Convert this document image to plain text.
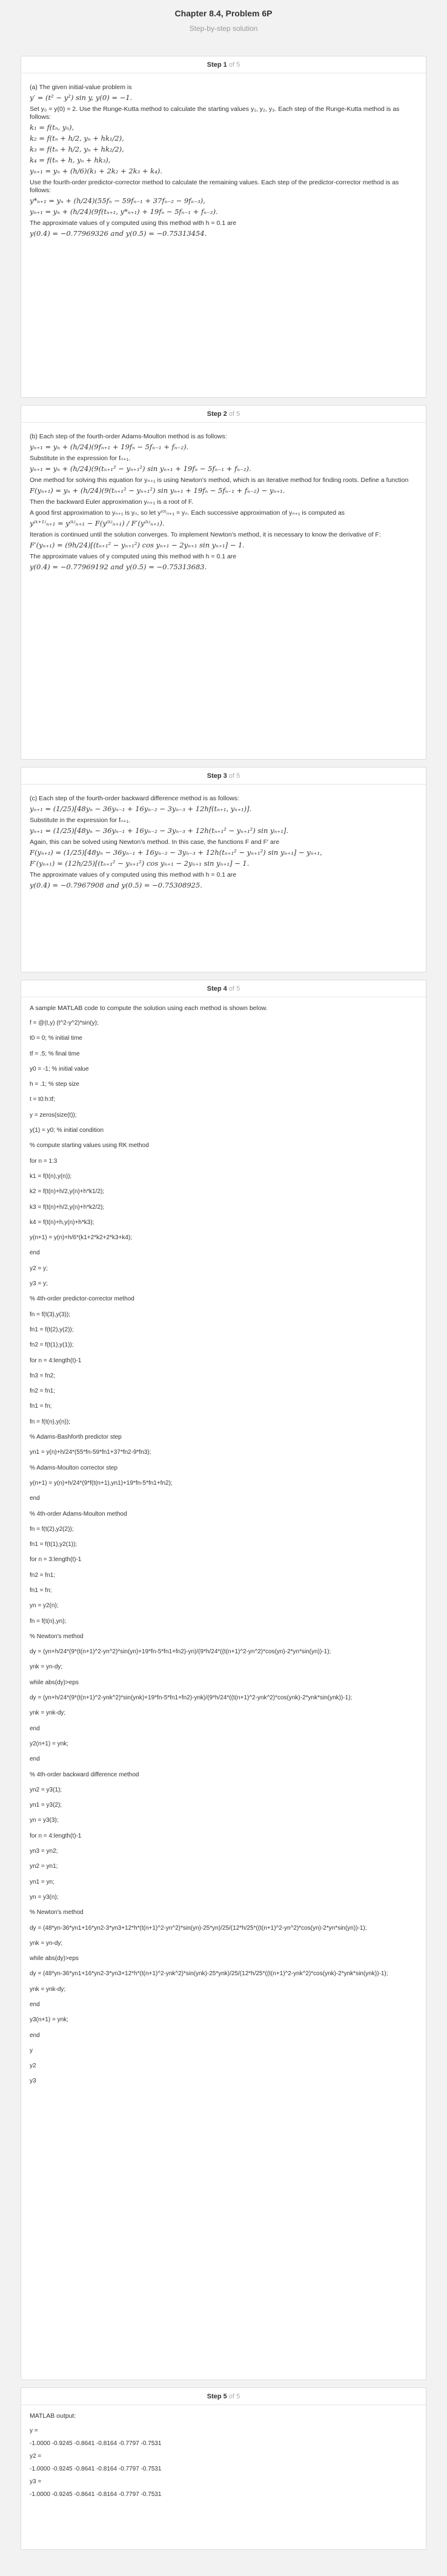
Chapter 8.4, Problem 6P
Step-by-step solution
Step 1 of 5
(a) The given initial-value problem is
y′ = (t² − y²) sin y, y(0) = −1.
Set y₀ = y(0) = 2. Use the Runge-Kutta method to calculate the starting values y₁, y₂, y₃. Each step of the Runge-Kutta method is as follows:
k₁ = f(tₙ, yₙ),
k₂ = f(tₙ + h/2, yₙ + hk₁/2),
k₃ = f(tₙ + h/2, yₙ + hk₂/2),
k₄ = f(tₙ + h, yₙ + hk₃),
yₙ₊₁ = yₙ + (h/6)(k₁ + 2k₂ + 2k₃ + k₄).
Use the fourth-order predictor-corrector method to calculate the remaining values. Each step of the predictor-corrector method is as follows:
y*ₙ₊₁ = yₙ + (h/24)(55fₙ − 59fₙ₋₁ + 37fₙ₋₂ − 9fₙ₋₃),
yₙ₊₁ = yₙ + (h/24)(9f(tₙ₊₁, y*ₙ₊₁) + 19fₙ − 5fₙ₋₁ + fₙ₋₂).
The approximate values of y computed using this method with h = 0.1 are
y(0.4) = −0.77969326 and y(0.5) = −0.75313454.
Step 2 of 5
(b) Each step of the fourth-order Adams-Moulton method is as follows:
yₙ₊₁ = yₙ + (h/24)(9fₙ₊₁ + 19fₙ − 5fₙ₋₁ + fₙ₋₂).
Substitute in the expression for fₙ₊₁.
yₙ₊₁ = yₙ + (h/24)(9(tₙ₊₁² − yₙ₊₁²) sin yₙ₊₁ + 19fₙ − 5fₙ₋₁ + fₙ₋₂).
One method for solving this equation for yₙ₊₁ is using Newton’s method, which is an iterative method for finding roots. Define a function
F(yₙ₊₁) = yₙ + (h/24)(9(tₙ₊₁² − yₙ₊₁²) sin yₙ₊₁ + 19fₙ − 5fₙ₋₁ + fₙ₋₂) − yₙ₊₁.
Then the backward Euler approximation yₙ₊₁ is a root of F.
A good first approximation to yₙ₊₁ is yₙ, so let y⁽⁰⁾ₙ₊₁ = yₙ. Each successive approximation of yₙ₊₁ is computed as
y⁽ᵏ⁺¹⁾ₙ₊₁ = y⁽ᵏ⁾ₙ₊₁ − F(y⁽ᵏ⁾ₙ₊₁) / F′(y⁽ᵏ⁾ₙ₊₁).
Iteration is continued until the solution converges. To implement Newton’s method, it is necessary to know the derivative of F:
F′(yₙ₊₁) = (9h/24)[(tₙ₊₁² − yₙ₊₁²) cos yₙ₊₁ − 2yₙ₊₁ sin yₙ₊₁] − 1.
The approximate values of y computed using this method with h = 0.1 are
y(0.4) = −0.77969192 and y(0.5) = −0.75313683.
Step 3 of 5
(c) Each step of the fourth-order backward difference method is as follows:
yₙ₊₁ = (1/25)[48yₙ − 36yₙ₋₁ + 16yₙ₋₂ − 3yₙ₋₃ + 12hf(tₙ₊₁, yₙ₊₁)].
Substitute in the expression for fₙ₊₁.
yₙ₊₁ = (1/25)[48yₙ − 36yₙ₋₁ + 16yₙ₋₂ − 3yₙ₋₃ + 12h(tₙ₊₁² − yₙ₊₁²) sin yₙ₊₁].
Again, this can be solved using Newton’s method. In this case, the functions F and F′ are
F(yₙ₊₁) = (1/25)[48yₙ − 36yₙ₋₁ + 16yₙ₋₂ − 3yₙ₋₃ + 12h(tₙ₊₁² − yₙ₊₁²) sin yₙ₊₁] − yₙ₊₁,
F′(yₙ₊₁) = (12h/25)[(tₙ₊₁² − yₙ₊₁²) cos yₙ₊₁ − 2yₙ₊₁ sin yₙ₊₁] − 1.
The approximate values of y computed using this method with h = 0.1 are
y(0.4) = −0.7967908 and y(0.5) = −0.75308925.
Step 4 of 5
A sample MATLAB code to compute the solution using each method is shown below.
f = @(t,y) (t^2-y^2)*sin(y);
t0 = 0; % initial time
tf = .5; % final time
y0 = -1; % initial value
h = .1; % step size
t = t0:h:tf;
y = zeros(size(t));
y(1) = y0; % initial condition
% compute starting values using RK method
for n = 1:3
k1 = f(t(n),y(n));
k2 = f(t(n)+h/2,y(n)+h*k1/2);
k3 = f(t(n)+h/2,y(n)+h*k2/2);
k4 = f(t(n)+h,y(n)+h*k3);
y(n+1) = y(n)+h/6*(k1+2*k2+2*k3+k4);
end
y2 = y;
y3 = y;
% 4th-order predictor-corrector method
fn = f(t(3),y(3));
fn1 = f(t(2),y(2));
fn2 = f(t(1),y(1));
for n = 4:length(t)-1
fn3 = fn2;
fn2 = fn1;
fn1 = fn;
fn = f(t(n),y(n));
% Adams-Bashforth predictor step
yn1 = y(n)+h/24*(55*fn-59*fn1+37*fn2-9*fn3);
% Adams-Moulton corrector step
y(n+1) = y(n)+h/24*(9*f(t(n+1),yn1)+19*fn-5*fn1+fn2);
end
% 4th-order Adams-Moulton method
fn = f(t(2),y2(2));
fn1 = f(t(1),y2(1));
for n = 3:length(t)-1
fn2 = fn1;
fn1 = fn;
yn = y2(n);
fn = f(t(n),yn);
% Newton's method
dy = (yn+h/24*(9*(t(n+1)^2-yn^2)*sin(yn)+19*fn-5*fn1+fn2)-yn)/(9*h/24*((t(n+1)^2-yn^2)*cos(yn)-2*yn*sin(yn))-1);
ynk = yn-dy;
while abs(dy)>eps
dy = (yn+h/24*(9*(t(n+1)^2-ynk^2)*sin(ynk)+19*fn-5*fn1+fn2)-ynk)/(9*h/24*((t(n+1)^2-ynk^2)*cos(ynk)-2*ynk*sin(ynk))-1);
ynk = ynk-dy;
end
y2(n+1) = ynk;
end
% 4th-order backward difference method
yn2 = y3(1);
yn1 = y3(2);
yn = y3(3);
for n = 4:length(t)-1
yn3 = yn2;
yn2 = yn1;
yn1 = yn;
yn = y3(n);
% Newton's method
dy = (48*yn-36*yn1+16*yn2-3*yn3+12*h*(t(n+1)^2-yn^2)*sin(yn)-25*yn)/25/(12*h/25*((t(n+1)^2-yn^2)*cos(yn)-2*yn*sin(yn))-1);
ynk = yn-dy;
while abs(dy)>eps
dy = (48*yn-36*yn1+16*yn2-3*yn3+12*h*(t(n+1)^2-ynk^2)*sin(ynk)-25*ynk)/25/(12*h/25*((t(n+1)^2-ynk^2)*cos(ynk)-2*ynk*sin(ynk))-1);
ynk = ynk-dy;
end
y3(n+1) = ynk;
end
y
y2
y3
Step 5 of 5
MATLAB output:
y =
-1.0000 -0.9245 -0.8641 -0.8164 -0.7797 -0.7531
y2 =
-1.0000 -0.9245 -0.8641 -0.8164 -0.7797 -0.7531
y3 =
-1.0000 -0.9245 -0.8641 -0.8164 -0.7797 -0.7531
